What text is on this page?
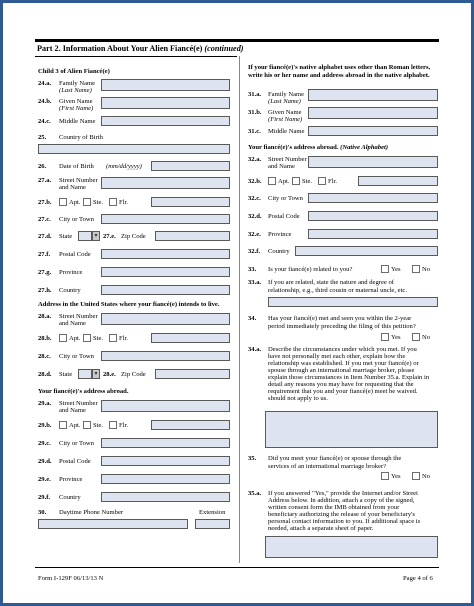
Part 2. Information About Your Alien Fiancé(e) (continued)
Child 3 of Alien Fiancé(e)
24.a. Family Name
(Last Name)
24.b. Given Name
(First Name)
24.c. Middle Name
25. Country of Birth
26. Date of Birth (mm/dd/yyyy)
27.a. Street Number
and Name
27.b.	Apt. Ste. Flr.
27.c. City or Town
27.d. State	▾ 27.e. Zip Code
27.f. Postal Code
27.g. Province
27.h. Country
Address in the United States where your fiancé(e) intends to live.
28.a. Street Number
and Name
28.b.	Apt. Ste. Flr.
28.c. City or Town
28.d. State	▾ 28.e. Zip Code
Your fiancé(e)'s address abroad.
29.a. Street Number
and Name
29.b.	Apt. Ste. Flr.
29.c. City or Town
29.d. Postal Code
29.e. Province
29.f. Country
30. Daytime Phone Number	Extension
If your fiancé(e)'s native alphabet uses other than Roman letters, write his or her name and address abroad in the native alphabet.
31.a. Family Name
(Last Name)
31.b. Given Name
(First Name)
31.c. Middle Name
Your fiancé(e)'s address abroad. (Native Alphabet)
32.a. Street Number
and Name
32.b. Apt. Ste. Flr.
32.c. City or Town
32.d. Postal Code
32.e. Province
32.f. Country
33. Is your fiancé(e) related to you?	Yes	No
33.a. If you are related, state the nature and degree of
relationship, e.g., third cousin or maternal uncle, etc.
34. Has your fiancé(e) met and seen you within the 2-year
period immediately preceding the filing of this petition?
Yes	No
34.a. Describe the circumstances under which you met. If you
have not personally met each other, explain how the
relationship was established. If you met your fiancé(e) or
spouse through an international marriage broker, please
explain those circumstances in Item Number 35.a. Explain in
detail any reasons you may have for requesting that the
requirement that you and your fiancé(e) meet be waived.
should not apply to us.
35. Did you meet your fiancé(e) or spouse through the
services of an international marriage broker?
Yes	No
35.a. If you answered "Yes," provide the Internet and/or Street
Address below. In addition, attach a copy of the signed,
written consent form the IMB obtained from your
beneficiary authorizing the release of your beneficiary's
personal contact information to you. If additional space is
needed, attach a separate sheet of paper.
Form I-129F 06/13/13 N	Page 4 of 6
